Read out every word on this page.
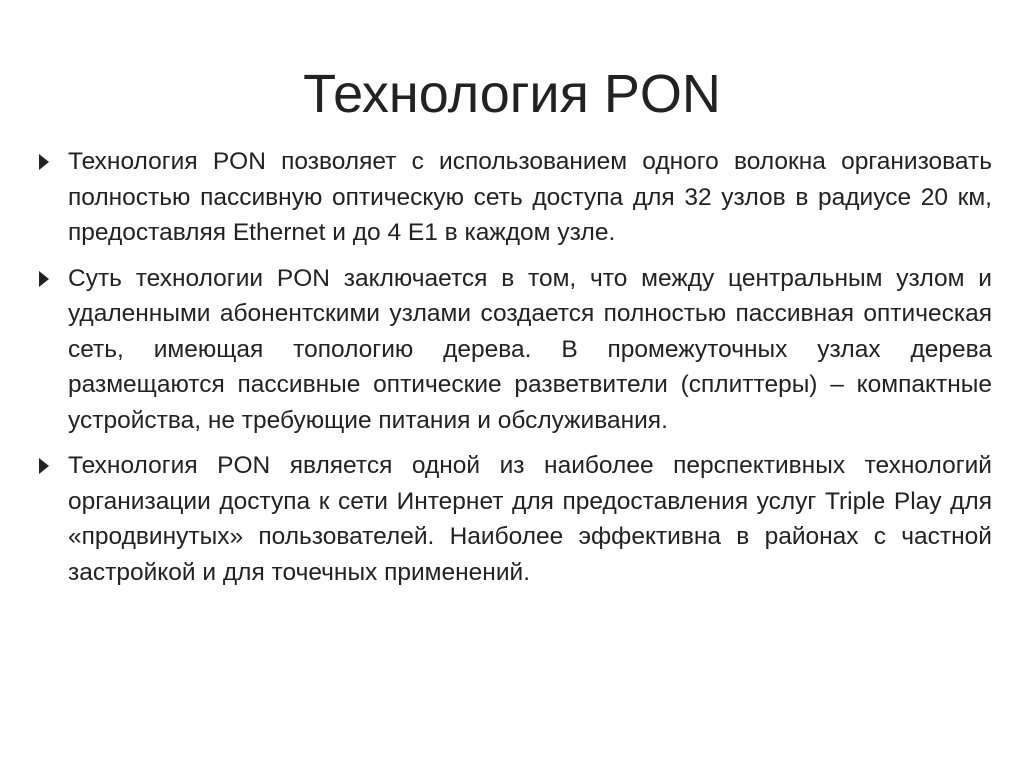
Технология PON
Технология PON позволяет с использованием одного волокна организовать полностью пассивную оптическую сеть доступа для 32 узлов в радиусе 20 км, предоставляя Ethernet и до 4 E1 в каждом узле.
Суть технологии PON заключается в том, что между центральным узлом и удаленными абонентскими узлами создается полностью пассивная оптическая сеть, имеющая топологию дерева. В промежуточных узлах дерева размещаются пассивные оптические разветвители (сплиттеры) – компактные устройства, не требующие питания и обслуживания.
Технология PON является одной из наиболее перспективных технологий организации доступа к сети Интернет для предоставления услуг Triple Play для «продвинутых» пользователей. Наиболее эффективна в районах с частной застройкой и для точечных применений.
